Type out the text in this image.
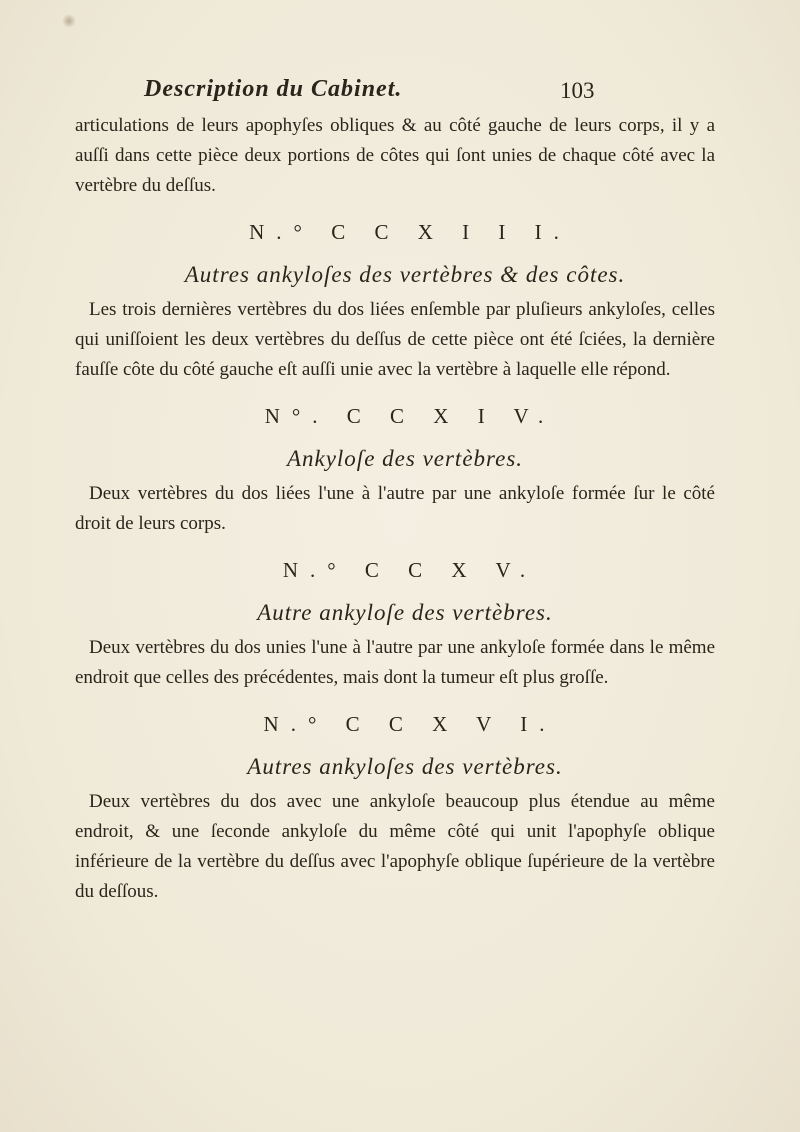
Description du Cabinet.	103

articulations de leurs apophyſes obliques & au côté gauche de leurs corps, il y a auſſi dans cette pièce deux portions de côtes qui ſont unies de chaque côté avec la vertèbre du deſſus.

N.° C C X I I I.
Autres ankyloſes des vertèbres & des côtes.

Les trois dernières vertèbres du dos liées enſemble par pluſieurs ankyloſes, celles qui uniſſoient les deux vertèbres du deſſus de cette pièce ont été ſciées, la dernière fauſſe côte du côté gauche eſt auſſi unie avec la vertèbre à laquelle elle répond.

N°. C C X I V.
Ankyloſe des vertèbres.

Deux vertèbres du dos liées l'une à l'autre par une ankyloſe formée ſur le côté droit de leurs corps.

N.° C C X V.
Autre ankyloſe des vertèbres.

Deux vertèbres du dos unies l'une à l'autre par une ankyloſe formée dans le même endroit que celles des précédentes, mais dont la tumeur eſt plus groſſe.

N.° C C X V I.
Autres ankyloſes des vertèbres.

Deux vertèbres du dos avec une ankyloſe beaucoup plus étendue au même endroit, & une ſeconde ankyloſe du même côté qui unit l'apophyſe oblique inférieure de la vertèbre du deſſus avec l'apophyſe oblique ſupérieure de la vertèbre du deſſous.
